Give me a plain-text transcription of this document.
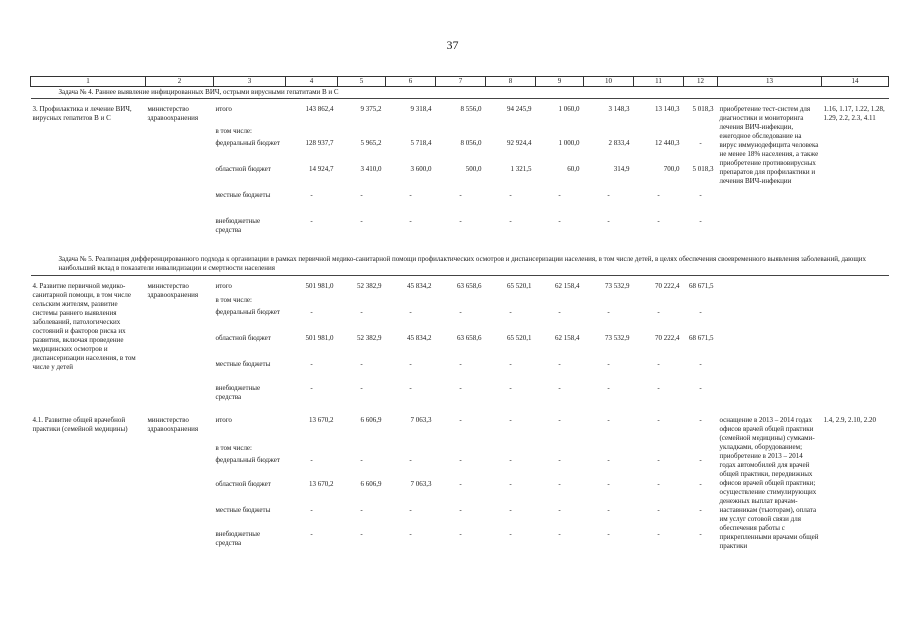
37
1	2	3	4	5	6	7	8	9	10	11	12	13	14
Задача № 4. Раннее выявление инфицированных ВИЧ, острыми вирусными гепатитами В и С													

3. Профилактика и лечение ВИЧ, вирусных гепатитов В и С	министерство здравоохранения	итого	143 862,4	9 375,2	9 318,4	8 556,0	94 245,9	1 060,0	3 148,3	13 140,3	5 018,3	приобретение тест-систем для диагностики и мониторинга лечения ВИЧ-инфекции, ежегодное обследование на вирус иммунодефицита человека не менее 18% населения, а также приобретение противовирусных препаратов для профилактики и лечения ВИЧ-инфекции	1.16, 1.17, 1.22, 1.28, 1.29, 2.2, 2.3, 4.11
		в том числе:											
		федеральный бюджет	128 937,7	5 965,2	5 718,4	8 056,0	92 924,4	1 000,0	2 833,4	12 440,3	-		
		областной бюджет	14 924,7	3 410,0	3 600,0	500,0	1 321,5	60,0	314,9	700,0	5 018,3		
		местные бюджеты	-	-	-	-	-	-	-	-	-		
		внебюджетные средства	-	-	-	-	-	-	-	-	-		

Задача № 5. Реализация дифференцированного подхода к организации в рамках первичной медико-санитарной помощи профилактических осмотров и диспансеризации населения, в том числе детей, в целях обеспечения своевременного выявления заболеваний, дающих наибольший вклад в показатели инвалидизации и смертности населения													

4. Развитие первичной медико-санитарной помощи, в том числе сельским жителям, развитие системы раннего выявления заболеваний, патологических состояний и факторов риска их развития, включая проведение медицинских осмотров и диспансеризации населения, в том числе у детей	министерство здравоохранения	итого	501 981,0	52 382,9	45 834,2	63 658,6	65 520,1	62 158,4	73 532,9	70 222,4	68 671,5		
		в том числе:											
		федеральный бюджет	-	-	-	-	-	-	-	-	-		
		областной бюджет	501 981,0	52 382,9	45 834,2	63 658,6	65 520,1	62 158,4	73 532,9	70 222,4	68 671,5		
		местные бюджеты	-	-	-	-	-	-	-	-	-		
		внебюджетные средства	-	-	-	-	-	-	-	-	-		

4.1. Развитие общей врачебной практики (семейной медицины)	министерство здравоохранения	итого	13 670,2	6 606,9	7 063,3	-	-	-	-	-	-	оснащение в 2013 – 2014 годах офисов врачей общей практики (семейной медицины) сумками-укладками, оборудованием; приобретение в 2013 – 2014 годах автомобилей для врачей общей практики, передвижных офисов врачей общей практики; осуществление стимулирующих денежных выплат врачам-наставникам (тьюторам), оплата им услуг сотовой связи для обеспечения работы с прикрепленными врачами общей практики	1.4, 2.9, 2.10, 2.20
		в том числе:											
		федеральный бюджет	-	-	-	-	-	-	-	-	-		
		областной бюджет	13 670,2	6 606,9	7 063,3	-	-	-	-	-	-		
		местные бюджеты	-	-	-	-	-	-	-	-	-		
		внебюджетные средства	-	-	-	-	-	-	-	-	-		
